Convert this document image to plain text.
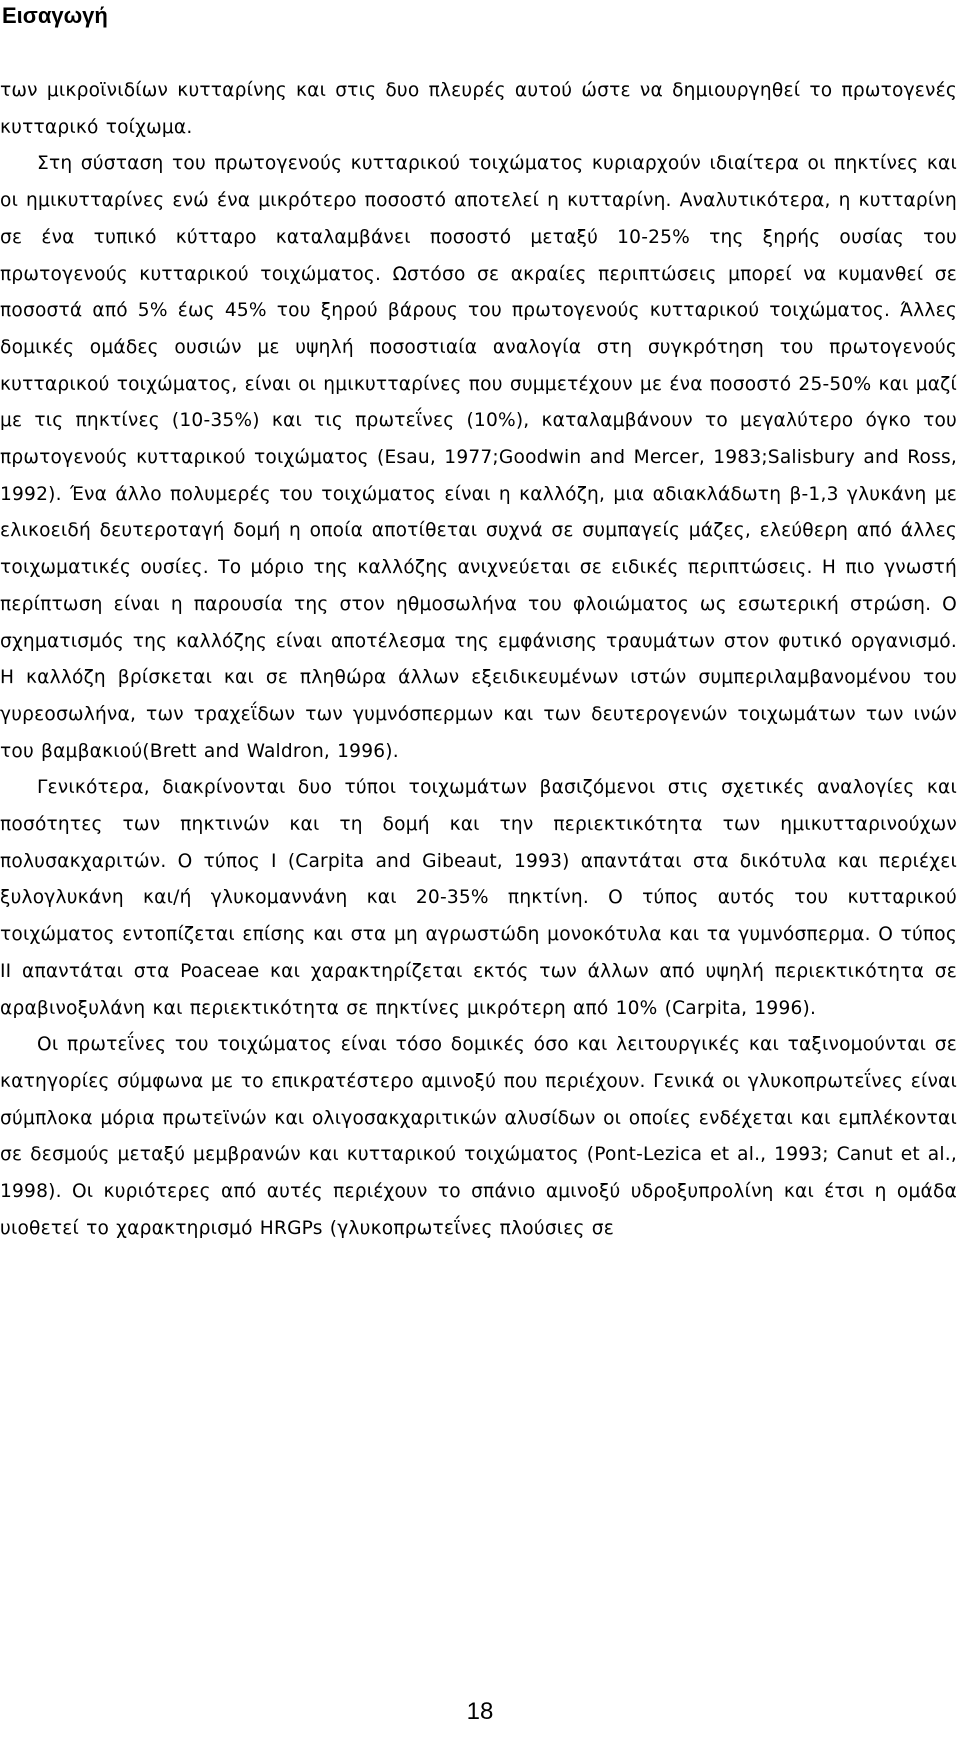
Εισαγωγή

των μικροϊνιδίων κυτταρίνης και στις δυο πλευρές αυτού ώστε να δημιουργηθεί το πρωτογενές κυτταρικό τοίχωμα.

Στη σύσταση του πρωτογενούς κυτταρικού τοιχώματος κυριαρχούν ιδιαίτερα οι πηκτίνες και οι ημικυτταρίνες ενώ ένα μικρότερο ποσοστό αποτελεί η κυτταρίνη. Αναλυτικότερα, η κυτταρίνη σε ένα τυπικό κύτταρο καταλαμβάνει ποσοστό μεταξύ 10-25% της ξηρής ουσίας του πρωτογενούς κυτταρικού τοιχώματος. Ωστόσο σε ακραίες περιπτώσεις μπορεί να κυμανθεί σε ποσοστά από 5% έως 45% του ξηρού βάρους του πρωτογενούς κυτταρικού τοιχώματος. Άλλες δομικές ομάδες ουσιών με υψηλή ποσοστιαία αναλογία στη συγκρότηση του πρωτογενούς κυτταρικού τοιχώματος, είναι οι ημικυτταρίνες που συμμετέχουν με ένα ποσοστό 25-50% και μαζί με τις πηκτίνες (10-35%) και τις πρωτεΐνες (10%), καταλαμβάνουν το μεγαλύτερο όγκο του πρωτογενούς κυτταρικού τοιχώματος (Esau, 1977;Goodwin and Mercer, 1983;Salisbury and Ross, 1992). Ένα άλλο πολυμερές του τοιχώματος είναι η καλλόζη, μια αδιακλάδωτη β-1,3 γλυκάνη με ελικοειδή δευτεροταγή δομή η οποία αποτίθεται συχνά σε συμπαγείς μάζες, ελεύθερη από άλλες τοιχωματικές ουσίες. Το μόριο της καλλόζης ανιχνεύεται σε ειδικές περιπτώσεις. Η πιο γνωστή περίπτωση είναι η παρουσία της στον ηθμοσωλήνα του φλοιώματος ως εσωτερική στρώση. Ο σχηματισμός της καλλόζης είναι αποτέλεσμα της εμφάνισης τραυμάτων στον φυτικό οργανισμό. Η καλλόζη βρίσκεται και σε πληθώρα άλλων εξειδικευμένων ιστών συμπεριλαμβανομένου του γυρεοσωλήνα, των τραχεΐδων των γυμνόσπερμων και των δευτερογενών τοιχωμάτων των ινών του βαμβακιού(Brett and Waldron, 1996).

Γενικότερα, διακρίνονται δυο τύποι τοιχωμάτων βασιζόμενοι στις σχετικές αναλογίες και ποσότητες των πηκτινών και τη δομή και την περιεκτικότητα των ημικυτταρινούχων πολυσακχαριτών. Ο τύπος I (Carpita and Gibeaut, 1993) απαντάται στα δικότυλα και περιέχει ξυλογλυκάνη και/ή γλυκομαννάνη και 20-35% πηκτίνη. Ο τύπος αυτός του κυτταρικού τοιχώματος εντοπίζεται επίσης και στα μη αγρωστώδη μονοκότυλα και τα γυμνόσπερμα. Ο τύπος II απαντάται στα Poaceae και χαρακτηρίζεται εκτός των άλλων από υψηλή περιεκτικότητα σε αραβινοξυλάνη και περιεκτικότητα σε πηκτίνες μικρότερη από 10% (Carpita, 1996).

Οι πρωτεΐνες του τοιχώματος είναι τόσο δομικές όσο και λειτουργικές και ταξινομούνται σε κατηγορίες σύμφωνα με το επικρατέστερο αμινοξύ που περιέχουν. Γενικά οι γλυκοπρωτεΐνες είναι σύμπλοκα μόρια πρωτεϊνών και ολιγοσακχαριτικών αλυσίδων οι οποίες ενδέχεται και εμπλέκονται σε δεσμούς μεταξύ μεμβρανών και κυτταρικού τοιχώματος (Pont-Lezica et al., 1993; Canut et al., 1998). Οι κυριότερες από αυτές περιέχουν το σπάνιο αμινοξύ υδροξυπρολίνη και έτσι η ομάδα υιοθετεί το χαρακτηρισμό HRGPs (γλυκοπρωτεΐνες πλούσιες σε

18
